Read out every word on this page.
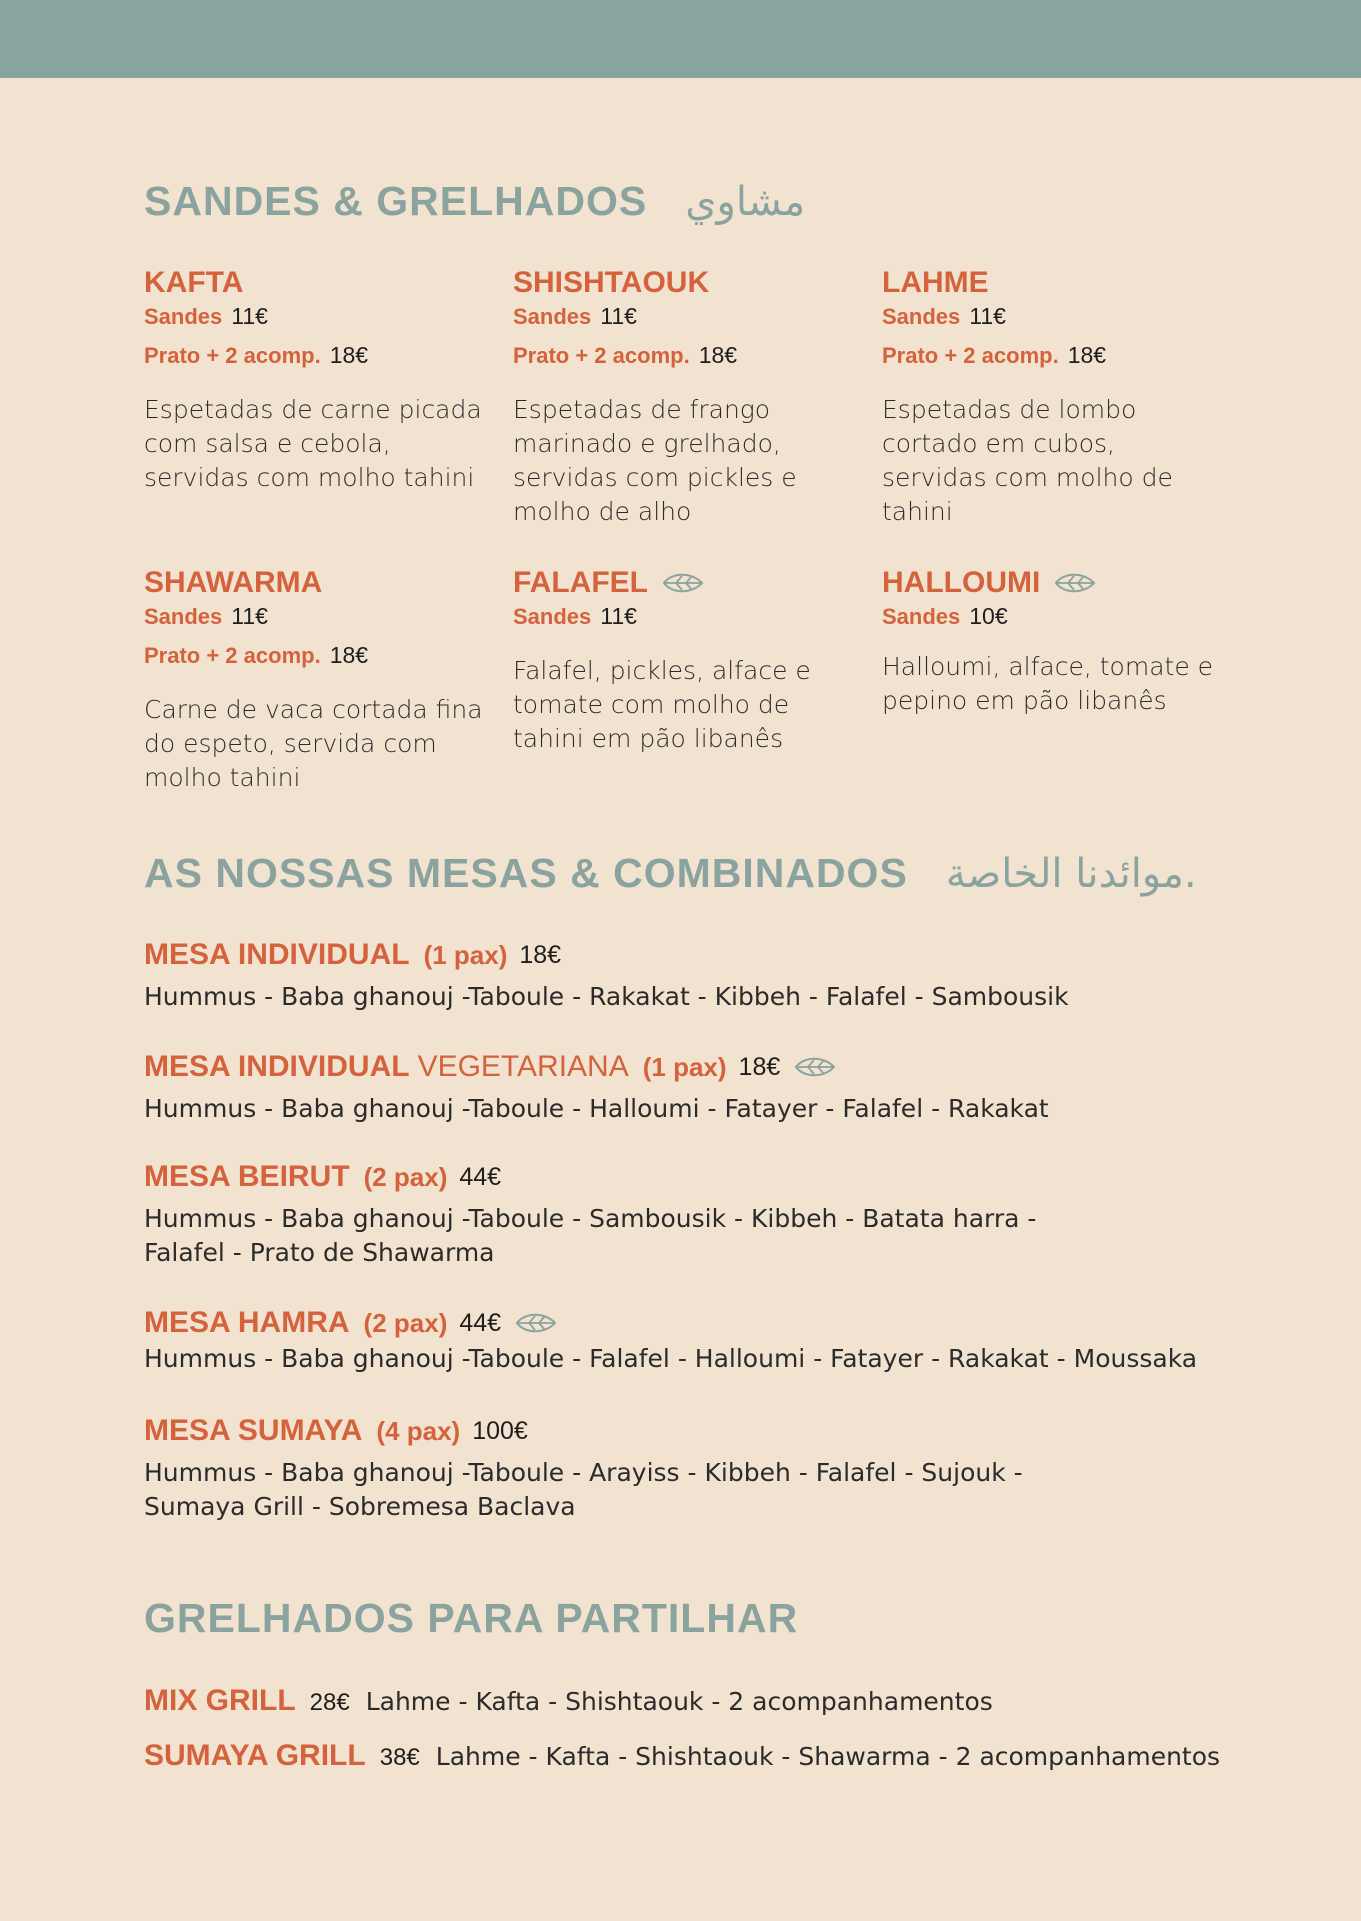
SANDES & GRELHADOS مشاوي
KAFTA
Sandes 11€
Prato + 2 acomp. 18€
Espetadas de carne picada com salsa e cebola, servidas com molho tahini
SHISHTAOUK
Sandes 11€
Prato + 2 acomp. 18€
Espetadas de frango marinado e grelhado, servidas com pickles e molho de alho
LAHME
Sandes 11€
Prato + 2 acomp. 18€
Espetadas de lombo cortado em cubos, servidas com molho de tahini
SHAWARMA
Sandes 11€
Prato + 2 acomp. 18€
Carne de vaca cortada fina do espeto, servida com molho tahini
FALAFEL
Sandes 11€
Falafel, pickles, alface e tomate com molho de tahini em pão libanês
HALLOUMI
Sandes 10€
Halloumi, alface, tomate e pepino em pão libanês
AS NOSSAS MESAS & COMBINADOS .موائدنا الخاصة
MESA INDIVIDUAL (1 pax) 18€
Hummus - Baba ghanouj -Taboule - Rakakat - Kibbeh - Falafel - Sambousik
MESA INDIVIDUAL VEGETARIANA (1 pax) 18€
Hummus - Baba ghanouj -Taboule - Halloumi - Fatayer - Falafel - Rakakat
MESA BEIRUT (2 pax) 44€
Hummus - Baba ghanouj -Taboule - Sambousik - Kibbeh - Batata harra -
Falafel - Prato de Shawarma
MESA HAMRA (2 pax) 44€
Hummus - Baba ghanouj -Taboule - Falafel - Halloumi - Fatayer - Rakakat - Moussaka
MESA SUMAYA (4 pax) 100€
Hummus - Baba ghanouj -Taboule - Arayiss - Kibbeh - Falafel - Sujouk -
Sumaya Grill - Sobremesa Baclava
GRELHADOS PARA PARTILHAR
MIX GRILL 28€ Lahme - Kafta - Shishtaouk - 2 acompanhamentos
SUMAYA GRILL 38€ Lahme - Kafta - Shishtaouk - Shawarma - 2 acompanhamentos
